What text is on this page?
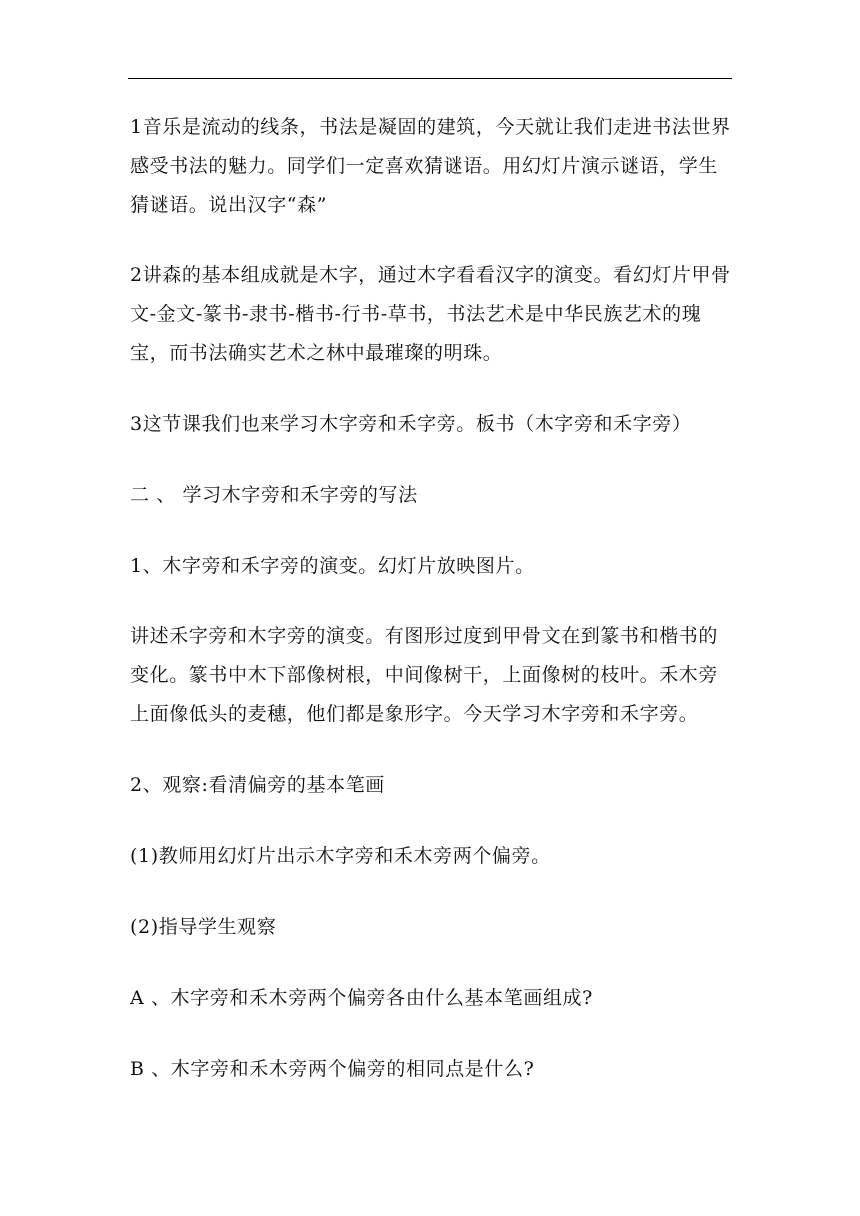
1音乐是流动的线条，书法是凝固的建筑，今天就让我们走进书法世界感受书法的魅力。同学们一定喜欢猜谜语。用幻灯片演示谜语，学生猜谜语。说出汉字“森”

2讲森的基本组成就是木字，通过木字看看汉字的演变。看幻灯片甲骨文-金文-篆书-隶书-楷书-行书-草书，书法艺术是中华民族艺术的瑰宝，而书法确实艺术之林中最璀璨的明珠。

3这节课我们也来学习木字旁和禾字旁。板书（木字旁和禾字旁）

二 、 学习木字旁和禾字旁的写法

1、木字旁和禾字旁的演变。幻灯片放映图片。

讲述禾字旁和木字旁的演变。有图形过度到甲骨文在到篆书和楷书的变化。篆书中木下部像树根，中间像树干，上面像树的枝叶。禾木旁上面像低头的麦穗，他们都是象形字。今天学习木字旁和禾字旁。

2、观察:看清偏旁的基本笔画

(1)教师用幻灯片出示木字旁和禾木旁两个偏旁。

(2)指导学生观察

A 、木字旁和禾木旁两个偏旁各由什么基本笔画组成?

B 、木字旁和禾木旁两个偏旁的相同点是什么?
